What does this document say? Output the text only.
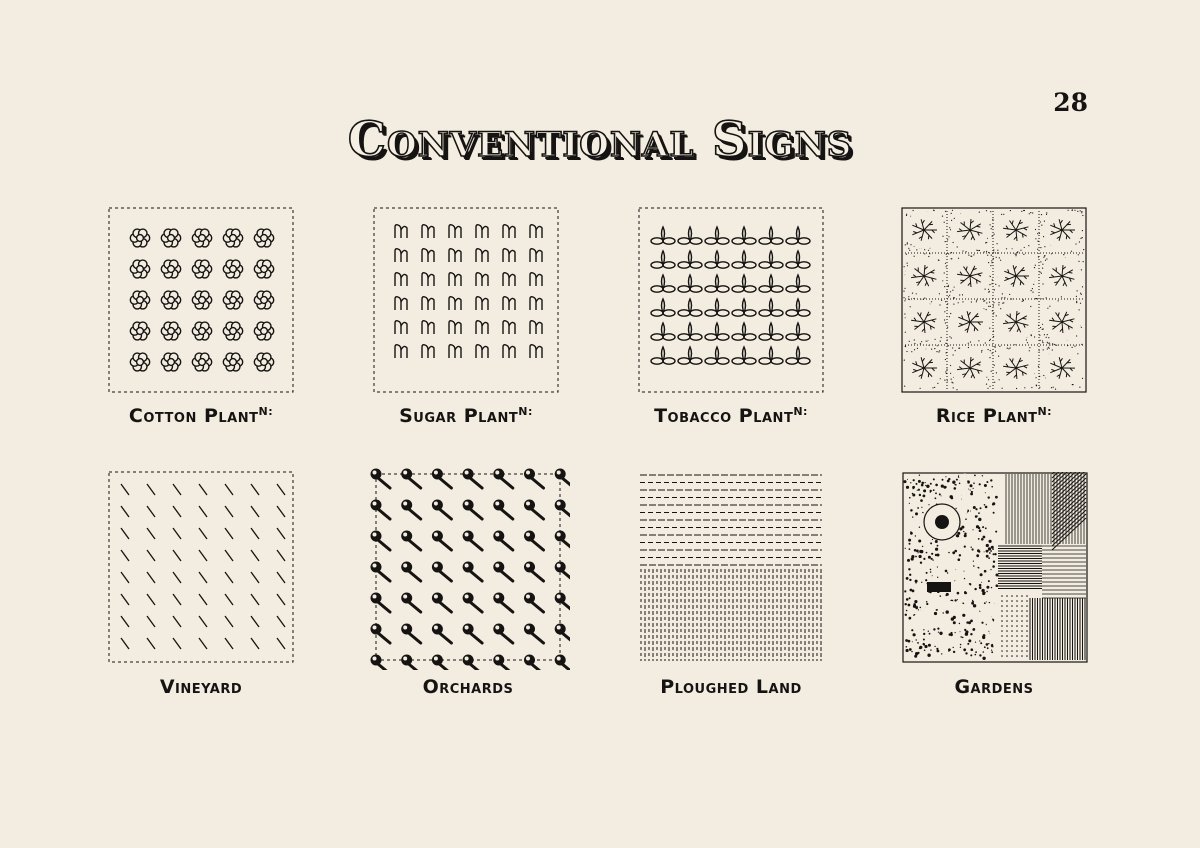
28
Conventional Signs
Cotton Plant$^{N:}$	Sugar Plant$^{N:}$	Tobacco Plant$^{N:}$	Rice Plant$^{N:}$
Vineyard	Orchards	Ploughed Land	Gardens
